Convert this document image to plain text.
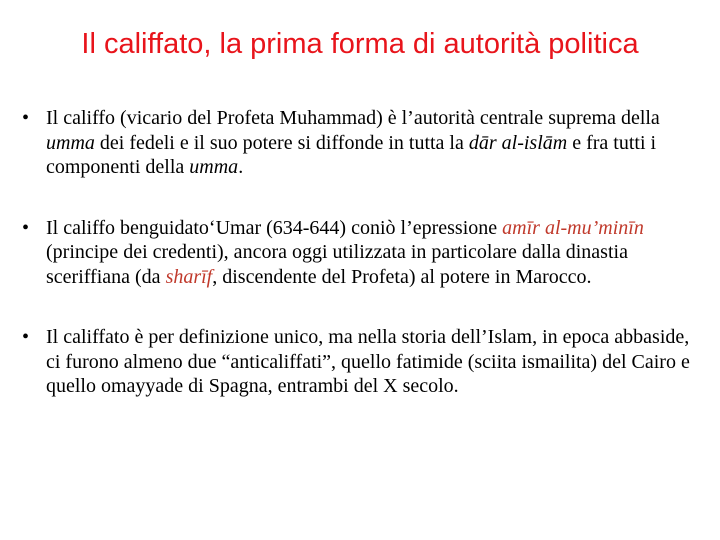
Il califfato, la prima forma di autorità politica
• Il califfo (vicario del Profeta Muhammad) è l’autorità centrale suprema della umma dei fedeli e il suo potere si diffonde in tutta la dār al-islām e fra tutti i componenti della umma.
• Il califfo benguidato‘Umar (634-644) coniò l’epressione amīr al-mu’minīn (principe dei credenti), ancora oggi utilizzata in particolare dalla dinastia sceriffiana (da sharīf, discendente del Profeta) al potere in Marocco.
• Il califfato è per definizione unico, ma nella storia dell’Islam, in epoca abbaside, ci furono almeno due “anticaliffati”, quello fatimide (sciita ismailita) del Cairo e quello omayyade di Spagna, entrambi del X secolo.
